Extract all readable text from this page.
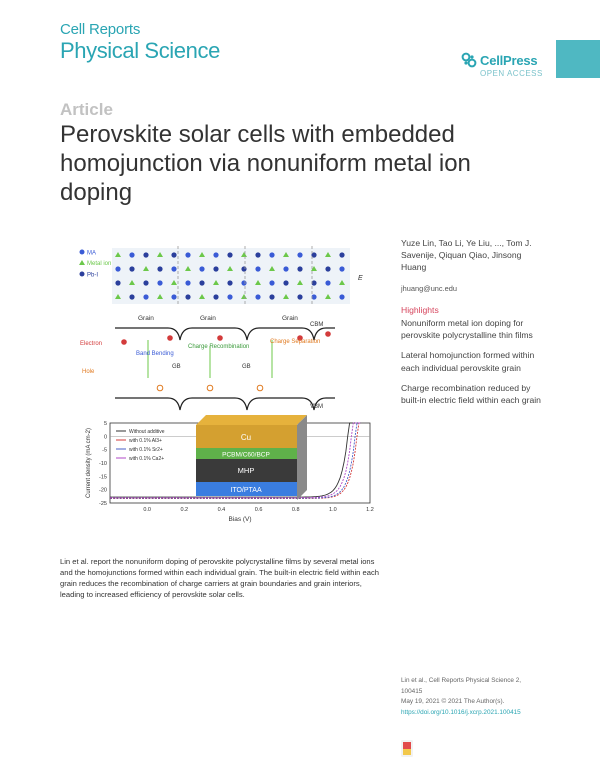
Cell Reports
Physical Science	CellPress
OPEN ACCESS
Article
Perovskite solar cells with embedded homojunction via nonuniform metal ion doping
MA
Metal ion
Pb-I	E
Grain	Grain	Grain
CBM
VBM
Electron
Hole
Band Bending
Charge Recombination
Charge Separation
GB	GB
0.0	0.2	0.4	0.6	0.8	1.0	1.2
5
0
-5
-10
-15
-20
-25
Without additive
with 0.1% Al3+
with 0.1% Sr2+
with 0.1% Ca2+
Bias (V)
Current density (mA cm-2)	Cu
PCBM/C60/BCP
MHP
ITO/PTAA

Lin et al. report the nonuniform doping of perovskite polycrystalline films by several metal ions and the homojunctions formed within each individual grain. The built-in electric field within each grain reduces the recombination of charge carriers at grain boundaries and grain interiors, leading to increased efficiency of perovskite solar cells.

Yuze Lin, Tao Li, Ye Liu, ..., Tom J. Savenije, Qiquan Qiao, Jinsong Huang
jhuang@unc.edu
Highlights
Nonuniform metal ion doping for perovskite polycrystalline thin films
Lateral homojunction formed within each individual perovskite grain
Charge recombination reduced by built-in electric field within each grain
Lin et al., Cell Reports Physical Science 2,
100415
May 19, 2021 © 2021 The Author(s).
https://doi.org/10.1016/j.xcrp.2021.100415
